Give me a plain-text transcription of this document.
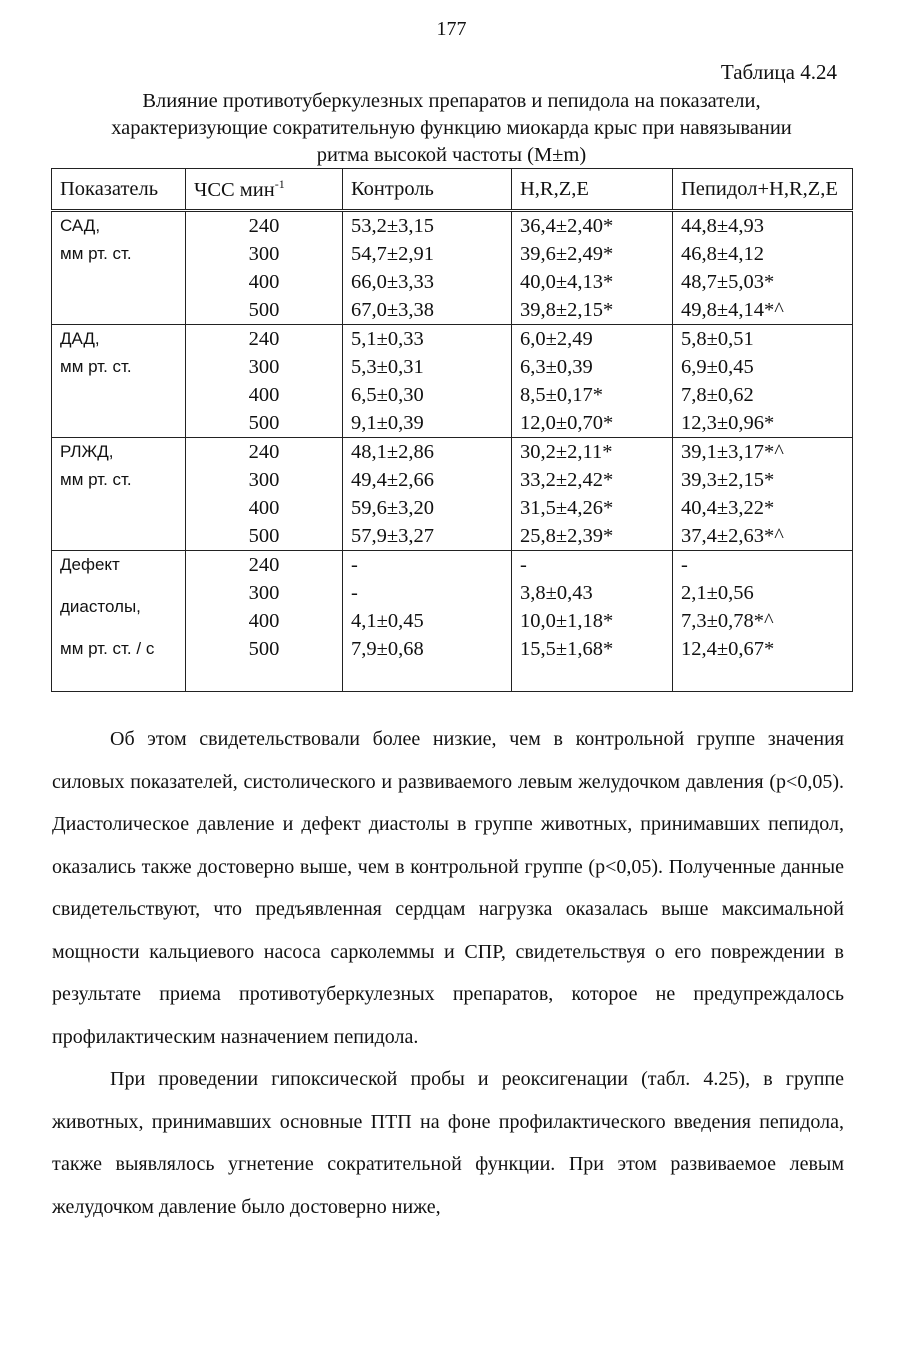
177
Таблица 4.24
Влияние противотуберкулезных препаратов и пепидола на показатели,
характеризующие сократительную функцию миокарда крыс при навязывании
ритма высокой частоты (M±m)
Показатель	ЧСС мин$^{-1}$	Контроль	H,R,Z,E	Пепидол+H,R,Z,E

САД,
мм рт. ст.	240	53,2±3,15	36,4±2,40*	44,8±4,93
	300	54,7±2,91	39,6±2,49*	46,8±4,12
	400	66,0±3,33	40,0±4,13*	48,7±5,03*
	500	67,0±3,38	39,8±2,15*	49,8±4,14*^

ДАД,
мм рт. ст.	240	5,1±0,33	6,0±2,49	5,8±0,51
	300	5,3±0,31	6,3±0,39	6,9±0,45
	400	6,5±0,30	8,5±0,17*	7,8±0,62
	500	9,1±0,39	12,0±0,70*	12,3±0,96*

РЛЖД,
мм рт. ст.	240	48,1±2,86	30,2±2,11*	39,1±3,17*^
	300	49,4±2,66	33,2±2,42*	39,3±2,15*
	400	59,6±3,20	31,5±4,26*	40,4±3,22*
	500	57,9±3,27	25,8±2,39*	37,4±2,63*^

Дефект
диастолы,
мм рт. ст. / с	240	-	-	-
	300	-	3,8±0,43	2,1±0,56
	400	4,1±0,45	10,0±1,18*	7,3±0,78*^
	500	7,9±0,68	15,5±1,68*	12,4±0,67*

Об этом свидетельствовали более низкие, чем в контрольной группе значения силовых показателей, систолического и развиваемого левым желудочком давления (р<0,05). Диастолическое давление и дефект диастолы в группе животных, принимавших пепидол, оказались также достоверно выше, чем в контрольной группе (р<0,05). Полученные данные свидетельствуют, что предъявленная сердцам нагрузка оказалась выше максимальной мощности кальциевого насоса сарколеммы и СПР, свидетельствуя о его повреждении в результате приема противотуберкулезных препаратов, которое не предупреждалось профилактическим назначением пепидола.

При проведении гипоксической пробы и реоксигенации (табл. 4.25), в группе животных, принимавших основные ПТП на фоне профилактического введения пепидола, также выявлялось угнетение сократительной функции. При этом развиваемое левым желудочком давление было достоверно ниже,
